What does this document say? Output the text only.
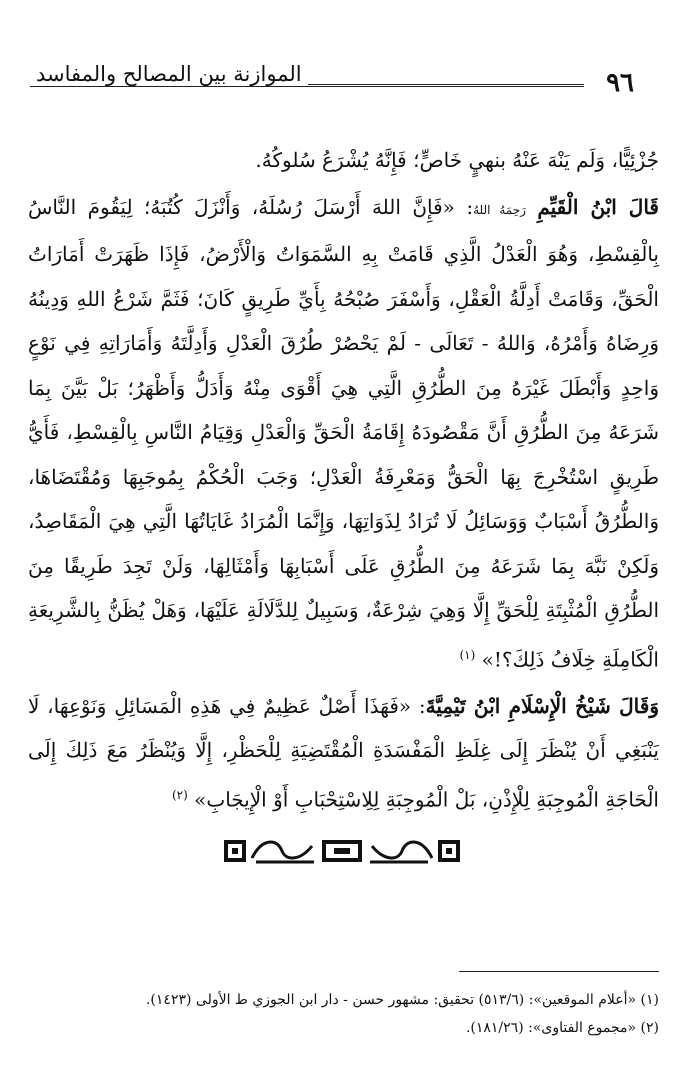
الموازنة بين المصالح والمفاسد	٩٦

جُزْئِيًّا، وَلَم يَنْهَ عَنْهُ بنهيٍ خَاصٍّ؛ فَإِنَّهُ يُشْرَعُ سُلوكُهُ.

قَالَ ابْنُ الْقَيِّمِ رَحِمَهُ اللهُ: «فَإِنَّ اللهَ أَرْسَلَ رُسُلَهُ، وَأَنْزَلَ كُتُبَهُ؛ لِيَقُومَ النَّاسُ بِالْقِسْطِ، وَهُوَ الْعَدْلُ الَّذِي قَامَتْ بِهِ السَّمَوَاتُ وَالْأَرْضُ، فَإِذَا ظَهَرَتْ أَمَارَاتُ الْحَقِّ، وَقَامَتْ أَدِلَّةُ الْعَقْلِ، وَأَسْفَرَ صُبْحُهُ بِأَيِّ طَرِيقٍ كَانَ؛ فَثَمَّ شَرْعُ اللهِ وَدِينُهُ وَرِضَاهُ وَأَمْرُهُ، وَاللهُ - تَعَالَى - لَمْ يَحْصُرْ طُرُقَ الْعَدْلِ وَأَدِلَّتَهُ وَأَمَارَاتِهِ فِي نَوْعٍ وَاحِدٍ وَأَبْطَلَ غَيْرَهُ مِنَ الطُّرُقِ الَّتِي هِيَ أَقْوَى مِنْهُ وَأَدَلُّ وَأَظْهَرُ؛ بَلْ بَيَّنَ بِمَا شَرَعَهُ مِنَ الطُّرُقِ أَنَّ مَقْصُودَهُ إِقَامَةُ الْحَقِّ وَالْعَدْلِ وَقِيَامُ النَّاسِ بِالْقِسْطِ، فَأَيُّ طَرِيقٍ اسْتُخْرِجَ بِهَا الْحَقُّ وَمَعْرِفَةُ الْعَدْلِ؛ وَجَبَ الْحُكْمُ بِمُوجَبِهَا وَمُقْتَضَاهَا، وَالطُّرُقُ أَسْبَابٌ وَوَسَائِلُ لَا تُرَادُ لِذَوَاتِهَا، وَإِنَّمَا الْمُرَادُ غَايَاتُهَا الَّتِي هِيَ الْمَقَاصِدُ، وَلَكِنْ نَبَّهَ بِمَا شَرَعَهُ مِنَ الطُّرُقِ عَلَى أَسْبَابِهَا وَأَمْثَالِهَا، وَلَنْ تَجِدَ طَرِيقًا مِنَ الطُّرُقِ الْمُثْبِتَةِ لِلْحَقِّ إِلَّا وَهِيَ شِرْعَةٌ، وَسَبِيلٌ لِلدَّلَالَةِ عَلَيْهَا، وَهَلْ يُظَنُّ بِالشَّرِيعَةِ الْكَامِلَةِ خِلَافُ ذَلِكَ؟!» $^{(١)}$

وَقَالَ شَيْخُ الْإِسْلَامِ ابْنُ تَيْمِيَّةَ: «فَهَذَا أَصْلٌ عَظِيمٌ فِي هَذِهِ الْمَسَائِلِ وَنَوْعِهَا، لَا يَنْبَغِي أَنْ يُنْظَرَ إِلَى غِلَظِ الْمَفْسَدَةِ الْمُقْتَضِيَةِ لِلْحَظْرِ، إِلَّا وَيُنْظَرُ مَعَ ذَلِكَ إِلَى الْحَاجَةِ الْمُوجِبَةِ لِلْإِذْنِ، بَلْ الْمُوجِبَةِ لِلِاسْتِحْبَابِ أَوْ الْإِيجَابِ» $^{(٢)}$

(١) «أعلام الموقعين»: (٥١٣/٦) تحقيق: مشهور حسن - دار ابن الجوزي ط الأولى (١٤٢٣).

(٢) «مجموع الفتاوى»: (١٨١/٢٦).
